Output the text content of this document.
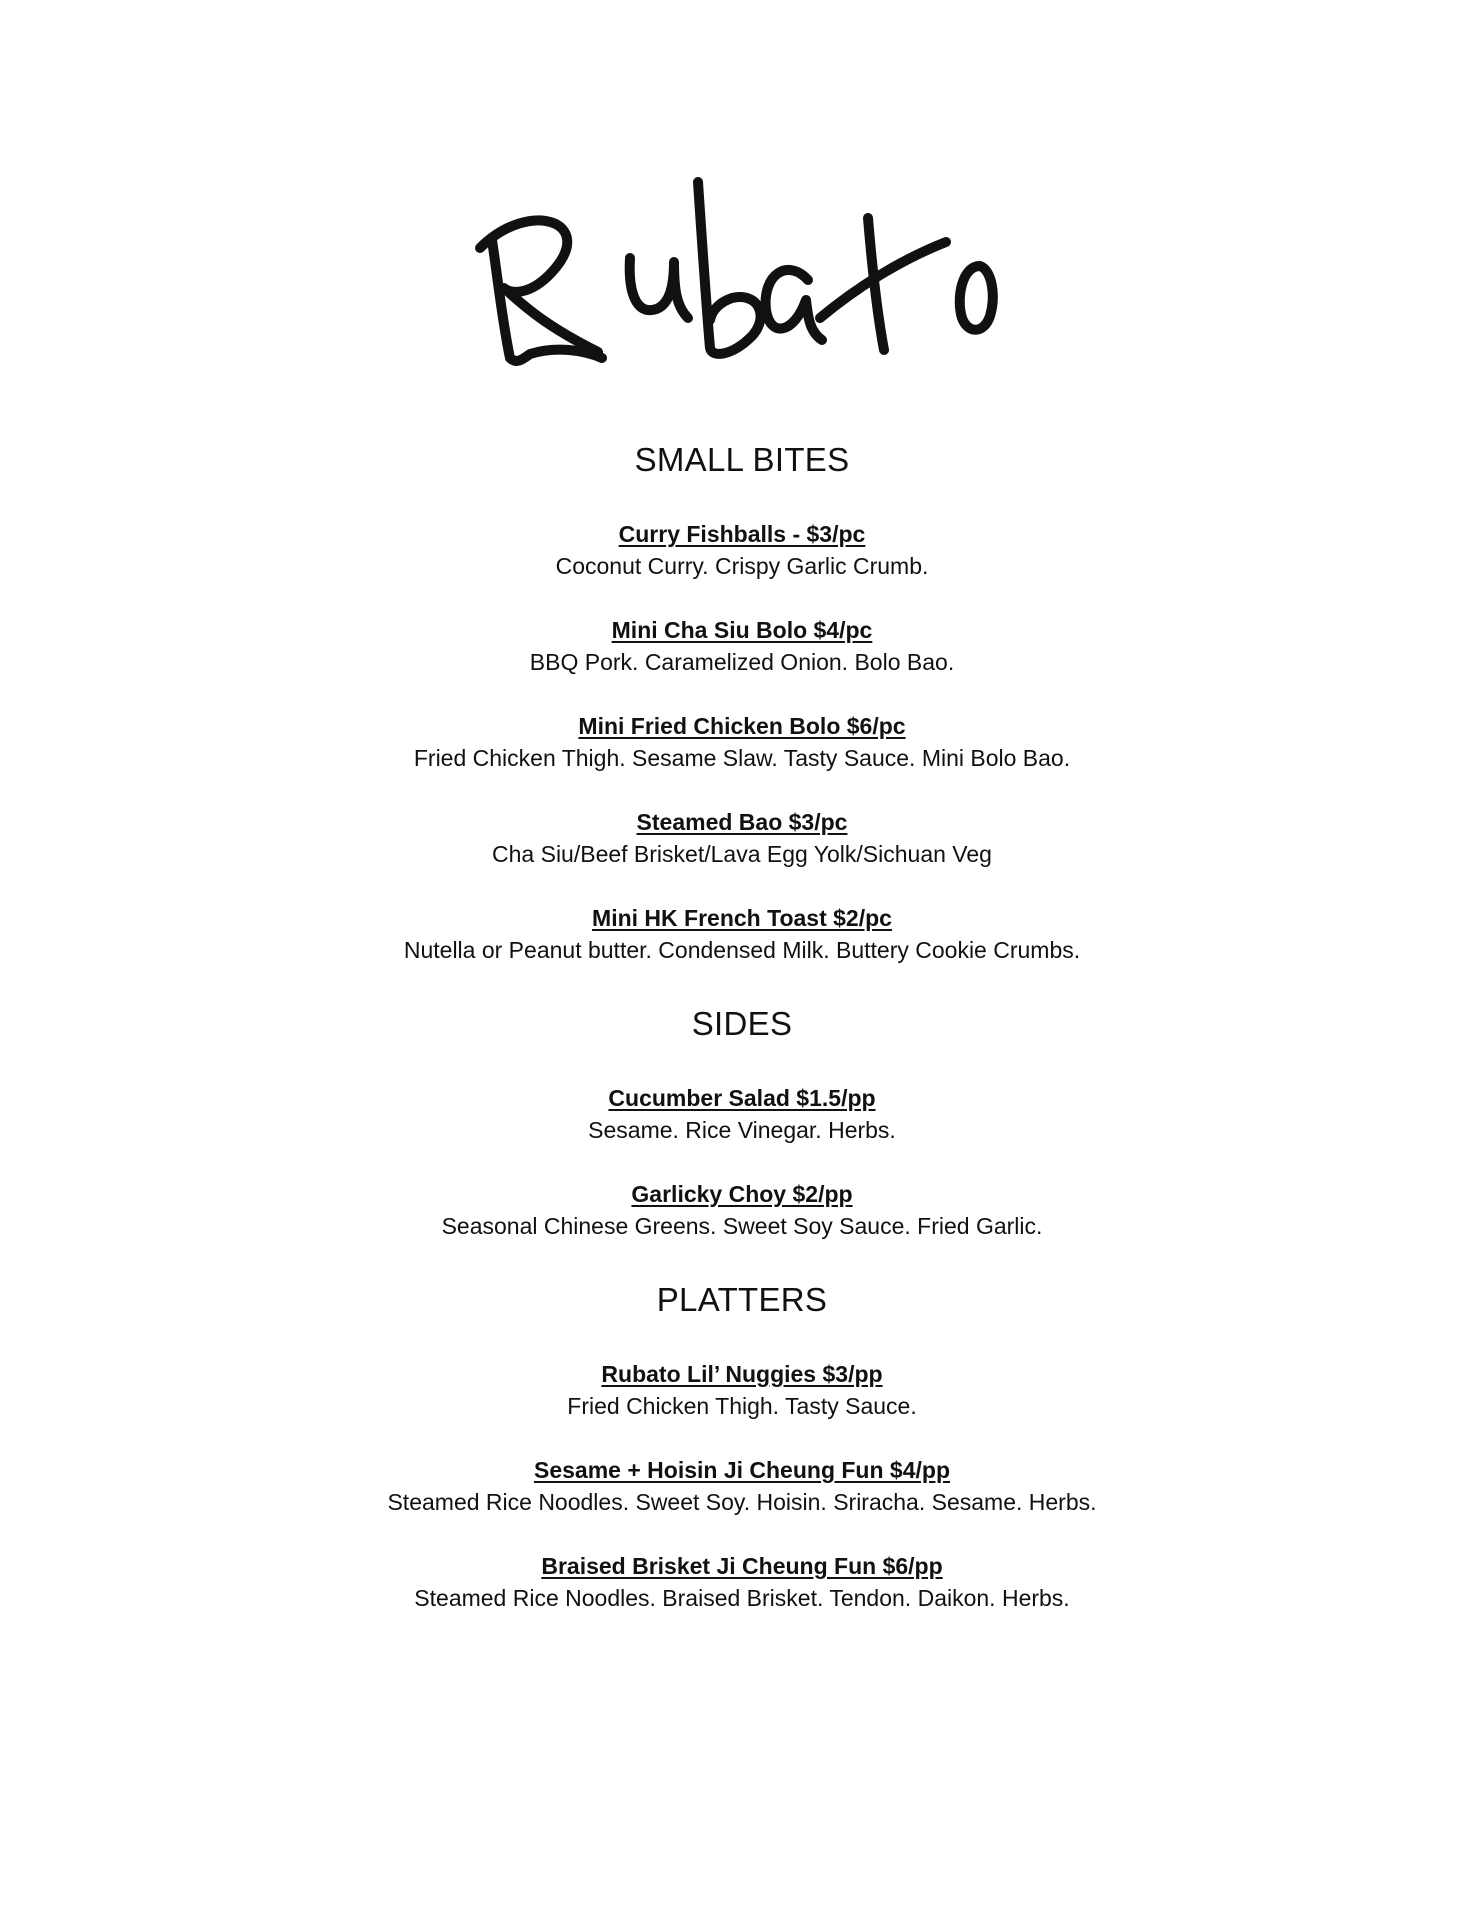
SMALL BITES
Curry Fishballs - $3/pc
Coconut Curry. Crispy Garlic Crumb.
Mini Cha Siu Bolo $4/pc
BBQ Pork. Caramelized Onion. Bolo Bao.
Mini Fried Chicken Bolo $6/pc
Fried Chicken Thigh. Sesame Slaw. Tasty Sauce. Mini Bolo Bao.
Steamed Bao $3/pc
Cha Siu/Beef Brisket/Lava Egg Yolk/Sichuan Veg
Mini HK French Toast $2/pc
Nutella or Peanut butter. Condensed Milk. Buttery Cookie Crumbs.
SIDES
Cucumber Salad $1.5/pp
Sesame. Rice Vinegar. Herbs.
Garlicky Choy $2/pp
Seasonal Chinese Greens. Sweet Soy Sauce. Fried Garlic.
PLATTERS
Rubato Lil’ Nuggies $3/pp
Fried Chicken Thigh. Tasty Sauce.
Sesame + Hoisin Ji Cheung Fun $4/pp
Steamed Rice Noodles. Sweet Soy. Hoisin. Sriracha. Sesame. Herbs.
Braised Brisket Ji Cheung Fun $6/pp
Steamed Rice Noodles. Braised Brisket. Tendon. Daikon. Herbs.
